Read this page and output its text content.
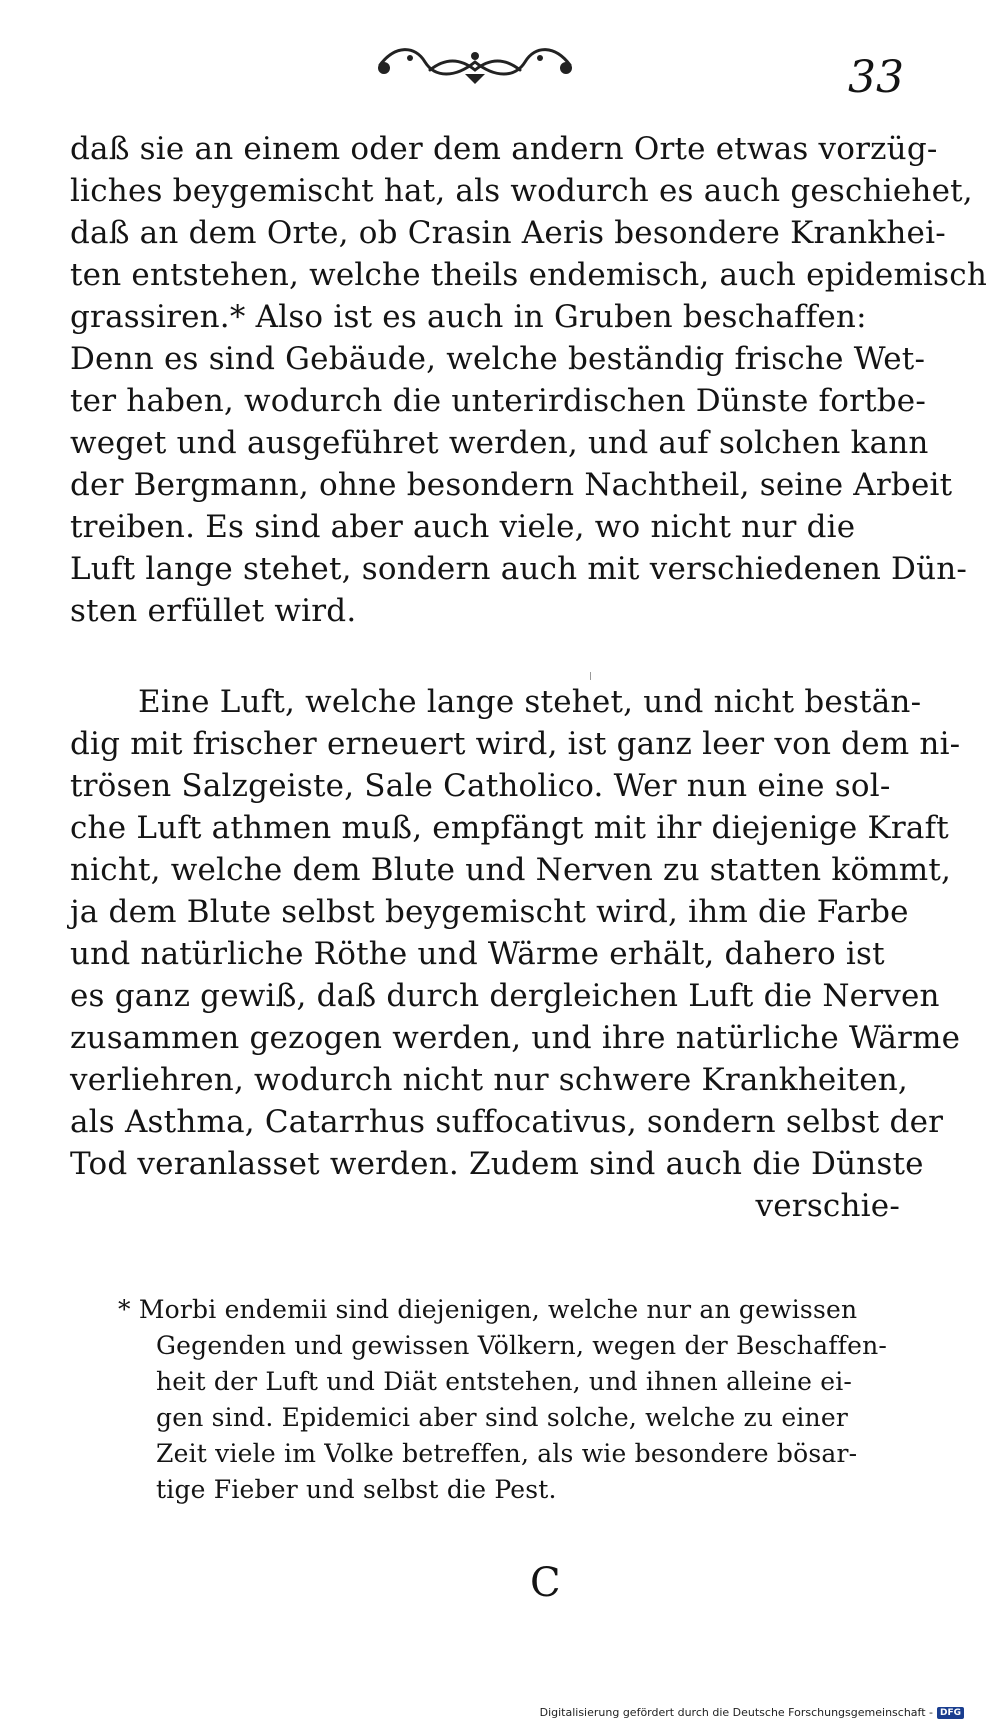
33
daß sie an einem oder dem andern Orte etwas vorzüg-
liches beygemischt hat, als wodurch es auch geschiehet,
daß an dem Orte, ob Crasin Aeris besondere Krankhei-
ten entstehen, welche theils endemisch, auch epidemisch
grassiren.* Also ist es auch in Gruben beschaffen:
Denn es sind Gebäude, welche beständig frische Wet-
ter haben, wodurch die unterirdischen Dünste fortbe-
weget und ausgeführet werden, und auf solchen kann
der Bergmann, ohne besondern Nachtheil, seine Arbeit
treiben. Es sind aber auch viele, wo nicht nur die
Luft lange stehet, sondern auch mit verschiedenen Dün-
sten erfüllet wird.
Eine Luft, welche lange stehet, und nicht bestän-
dig mit frischer erneuert wird, ist ganz leer von dem ni-
trösen Salzgeiste, Sale Catholico. Wer nun eine sol-
che Luft athmen muß, empfängt mit ihr diejenige Kraft
nicht, welche dem Blute und Nerven zu statten kömmt,
ja dem Blute selbst beygemischt wird, ihm die Farbe
und natürliche Röthe und Wärme erhält, dahero ist
es ganz gewiß, daß durch dergleichen Luft die Nerven
zusammen gezogen werden, und ihre natürliche Wärme
verliehren, wodurch nicht nur schwere Krankheiten,
als Asthma, Catarrhus suffocativus, sondern selbst der
Tod veranlasset werden. Zudem sind auch die Dünste
verschie-
* Morbi endemii sind diejenigen, welche nur an gewissen
Gegenden und gewissen Völkern, wegen der Beschaffen-
heit der Luft und Diät entstehen, und ihnen alleine ei-
gen sind. Epidemici aber sind solche, welche zu einer
Zeit viele im Volke betreffen, als wie besondere bösar-
tige Fieber und selbst die Pest.
C
Digitalisierung gefördert durch die Deutsche Forschungsgemeinschaft - DFG
